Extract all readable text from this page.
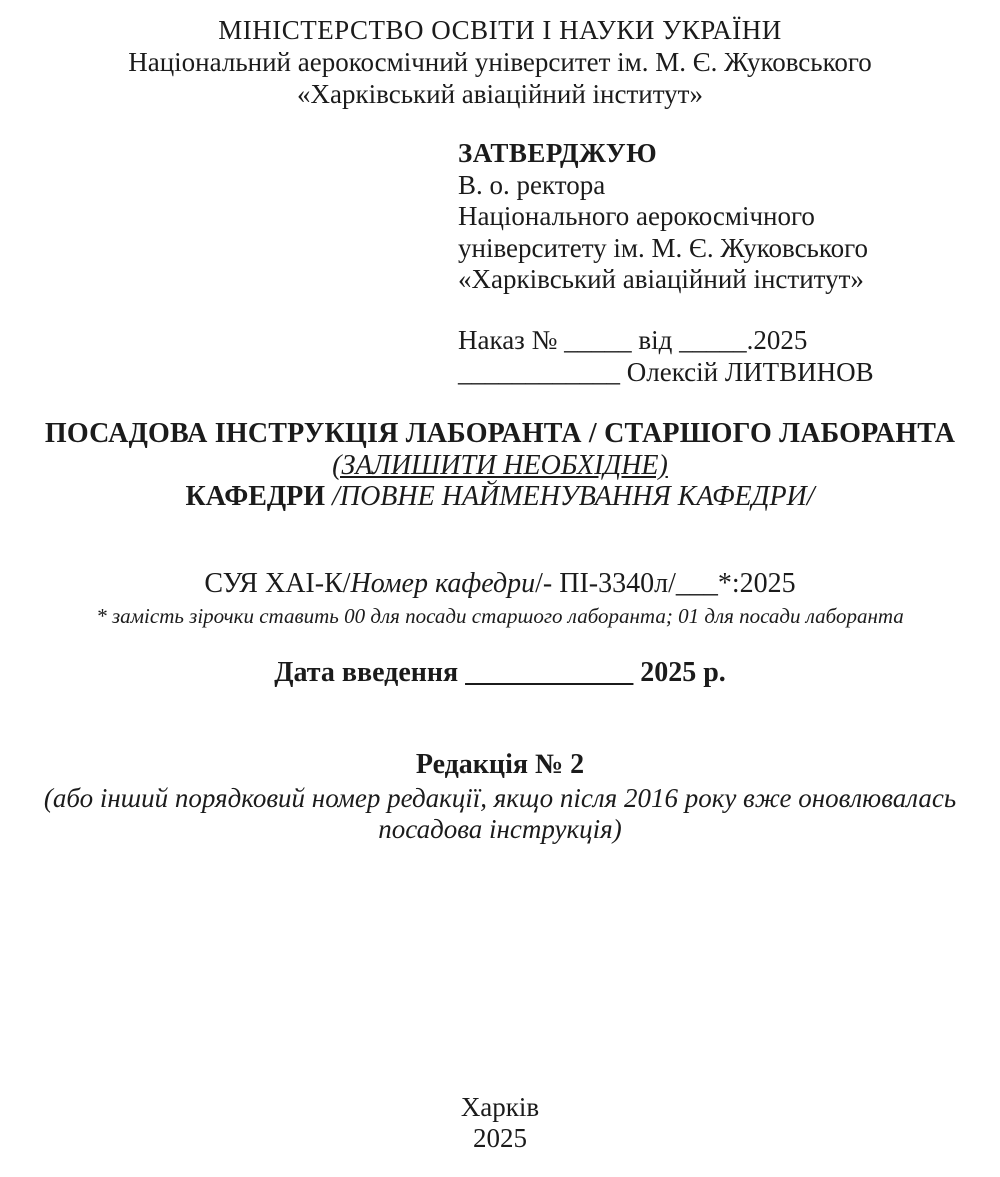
МІНІСТЕРСТВО ОСВІТИ І НАУКИ УКРАЇНИ
Національний аерокосмічний університет ім. М. Є. Жуковського
«Харківський авіаційний інститут»
ЗАТВЕРДЖУЮ
В. о. ректора
Національного аерокосмічного
університету ім. М. Є. Жуковського
«Харківський авіаційний інститут»
Наказ № _____ від _____.2025
____________ Олексій ЛИТВИНОВ
ПОСАДОВА ІНСТРУКЦІЯ ЛАБОРАНТА / СТАРШОГО ЛАБОРАНТА
(ЗАЛИШИТИ НЕОБХІДНЕ)
КАФЕДРИ /ПОВНЕ НАЙМЕНУВАННЯ КАФЕДРИ/
СУЯ ХАІ-К/Номер кафедри/- ПІ-3340л/___*:2025
* замість зірочки ставить 00 для посади старшого лаборанта; 01 для посади лаборанта
Дата введення ____________ 2025 р.
Редакція № 2
(або інший порядковий номер редакції, якщо після 2016 року вже оновлювалась
посадова інструкція)
Харків
2025
